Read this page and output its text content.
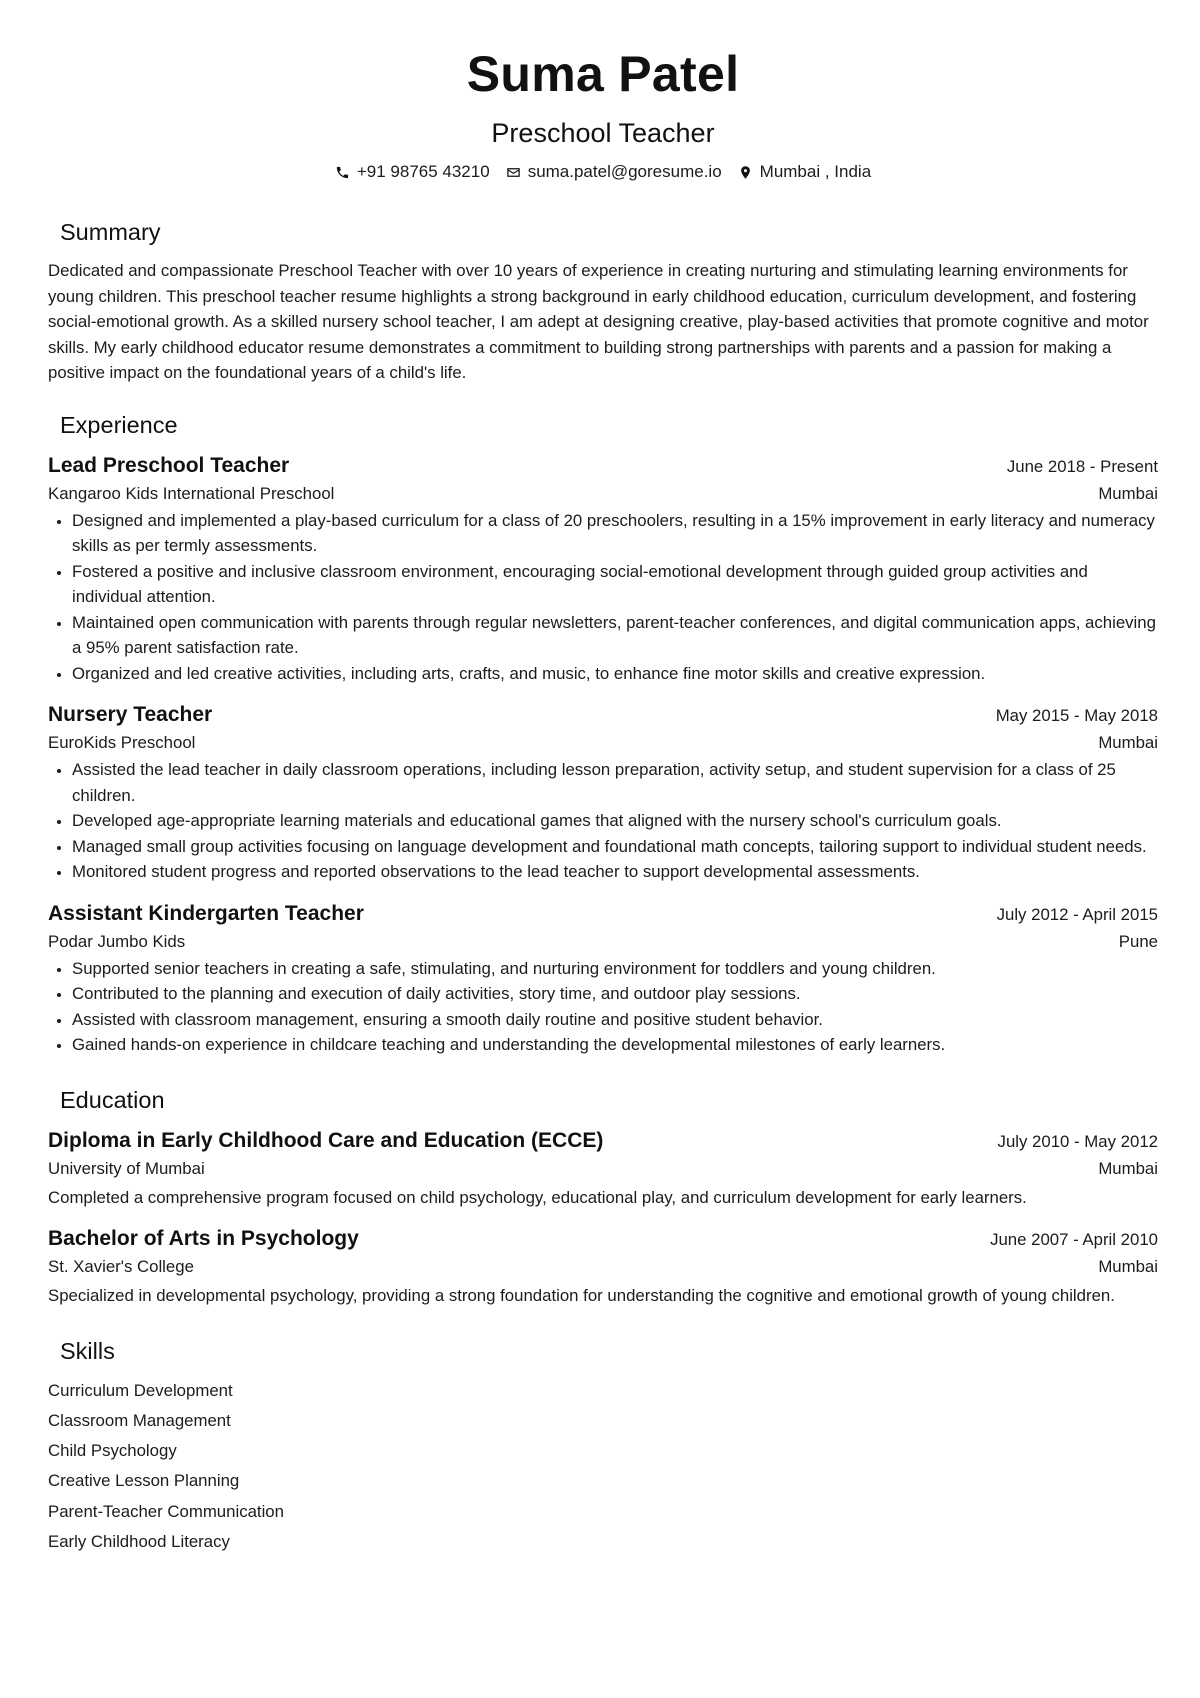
Suma Patel
Preschool Teacher
+91 98765 43210 suma.patel@goresume.io Mumbai , India
Summary
Dedicated and compassionate Preschool Teacher with over 10 years of experience in creating nurturing and stimulating learning environments for young children. This preschool teacher resume highlights a strong background in early childhood education, curriculum development, and fostering social-emotional growth. As a skilled nursery school teacher, I am adept at designing creative, play-based activities that promote cognitive and motor skills. My early childhood educator resume demonstrates a commitment to building strong partnerships with parents and a passion for making a positive impact on the foundational years of a child's life.
Experience
Lead Preschool Teacher	June 2018 - Present
Kangaroo Kids International Preschool	Mumbai
• Designed and implemented a play-based curriculum for a class of 20 preschoolers, resulting in a 15% improvement in early literacy and numeracy skills as per termly assessments.
• Fostered a positive and inclusive classroom environment, encouraging social-emotional development through guided group activities and individual attention.
• Maintained open communication with parents through regular newsletters, parent-teacher conferences, and digital communication apps, achieving a 95% parent satisfaction rate.
• Organized and led creative activities, including arts, crafts, and music, to enhance fine motor skills and creative expression.
Nursery Teacher	May 2015 - May 2018
EuroKids Preschool	Mumbai
• Assisted the lead teacher in daily classroom operations, including lesson preparation, activity setup, and student supervision for a class of 25 children.
• Developed age-appropriate learning materials and educational games that aligned with the nursery school's curriculum goals.
• Managed small group activities focusing on language development and foundational math concepts, tailoring support to individual student needs.
• Monitored student progress and reported observations to the lead teacher to support developmental assessments.
Assistant Kindergarten Teacher	July 2012 - April 2015
Podar Jumbo Kids	Pune
• Supported senior teachers in creating a safe, stimulating, and nurturing environment for toddlers and young children.
• Contributed to the planning and execution of daily activities, story time, and outdoor play sessions.
• Assisted with classroom management, ensuring a smooth daily routine and positive student behavior.
• Gained hands-on experience in childcare teaching and understanding the developmental milestones of early learners.
Education
Diploma in Early Childhood Care and Education (ECCE)	July 2010 - May 2012
University of Mumbai	Mumbai
Completed a comprehensive program focused on child psychology, educational play, and curriculum development for early learners.
Bachelor of Arts in Psychology	June 2007 - April 2010
St. Xavier's College	Mumbai
Specialized in developmental psychology, providing a strong foundation for understanding the cognitive and emotional growth of young children.
Skills
Curriculum Development
Classroom Management
Child Psychology
Creative Lesson Planning
Parent-Teacher Communication
Early Childhood Literacy
